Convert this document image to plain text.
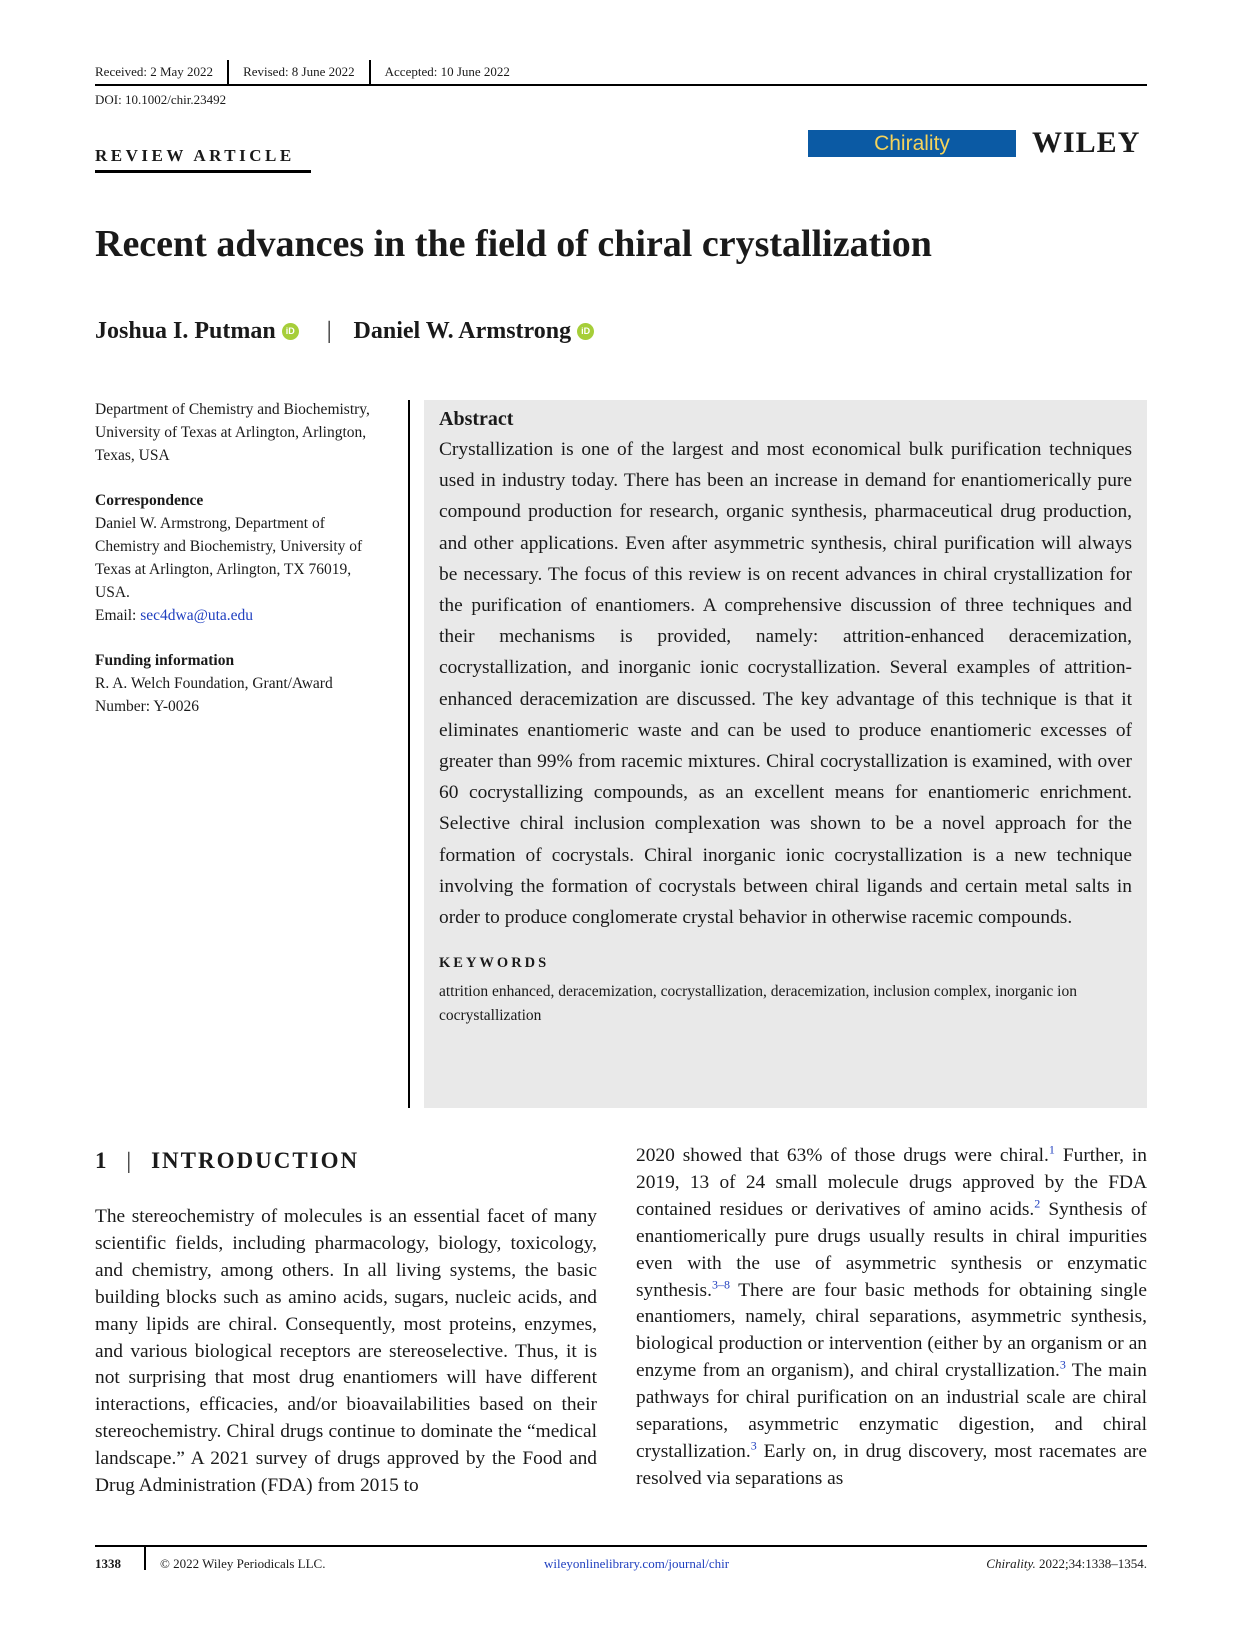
Received: 2 May 2022	Revised: 8 June 2022	Accepted: 10 June 2022
DOI: 10.1002/chir.23492
REVIEW ARTICLE
Chirality	WILEY
Recent advances in the field of chiral crystallization
Joshua I. Putman	iD | Daniel W. Armstrong	iD

Department of Chemistry and Biochemistry, University of Texas at Arlington, Arlington, Texas, USA

Correspondence

Daniel W. Armstrong, Department of Chemistry and Biochemistry, University of Texas at Arlington, Arlington, TX 76019, USA.

Email: sec4dwa@uta.edu

Funding information

R. A. Welch Foundation, Grant/Award Number: Y-0026

Abstract

Crystallization is one of the largest and most economical bulk purification techniques used in industry today. There has been an increase in demand for enantiomerically pure compound production for research, organic synthesis, pharmaceutical drug production, and other applications. Even after asymmetric synthesis, chiral purification will always be necessary. The focus of this review is on recent advances in chiral crystallization for the purification of enantiomers. A comprehensive discussion of three techniques and their mechanisms is provided, namely: attrition-enhanced deracemization, cocrystallization, and inorganic ionic cocrystallization. Several examples of attrition-enhanced deracemization are discussed. The key advantage of this technique is that it eliminates enantiomeric waste and can be used to produce enantiomeric excesses of greater than 99% from racemic mixtures. Chiral cocrystallization is examined, with over 60 cocrystallizing compounds, as an excellent means for enantiomeric enrichment. Selective chiral inclusion complexation was shown to be a novel approach for the formation of cocrystals. Chiral inorganic ionic cocrystallization is a new technique involving the formation of cocrystals between chiral ligands and certain metal salts in order to produce conglomerate crystal behavior in otherwise racemic compounds.

KEYWORDS

attrition enhanced, deracemization, cocrystallization, deracemization, inclusion complex, inorganic ion cocrystallization

1 | INTRODUCTION

The stereochemistry of molecules is an essential facet of many scientific fields, including pharmacology, biology, toxicology, and chemistry, among others. In all living systems, the basic building blocks such as amino acids, sugars, nucleic acids, and many lipids are chiral. Consequently, most proteins, enzymes, and various biological receptors are stereoselective. Thus, it is not surprising that most drug enantiomers will have different interactions, efficacies, and/or bioavailabilities based on their stereochemistry. Chiral drugs continue to dominate the “medical landscape.” A 2021 survey of drugs approved by the Food and Drug Administration (FDA) from 2015 to

2020 showed that 63% of those drugs were chiral.$^1$ Further, in 2019, 13 of 24 small molecule drugs approved by the FDA contained residues or derivatives of amino acids.$^2$ Synthesis of enantiomerically pure drugs usually results in chiral impurities even with the use of asymmetric synthesis or enzymatic synthesis.$^{3-8}$ There are four basic methods for obtaining single enantiomers, namely, chiral separations, asymmetric synthesis, biological production or intervention (either by an organism or an enzyme from an organism), and chiral crystallization.$^3$ The main pathways for chiral purification on an industrial scale are chiral separations, asymmetric enzymatic digestion, and chiral crystallization.$^3$ Early on, in drug discovery, most racemates are resolved via separations as

1338	© 2022 Wiley Periodicals LLC.	wileyonlinelibrary.com/journal/chir	Chirality. 2022;34:1338–1354.
